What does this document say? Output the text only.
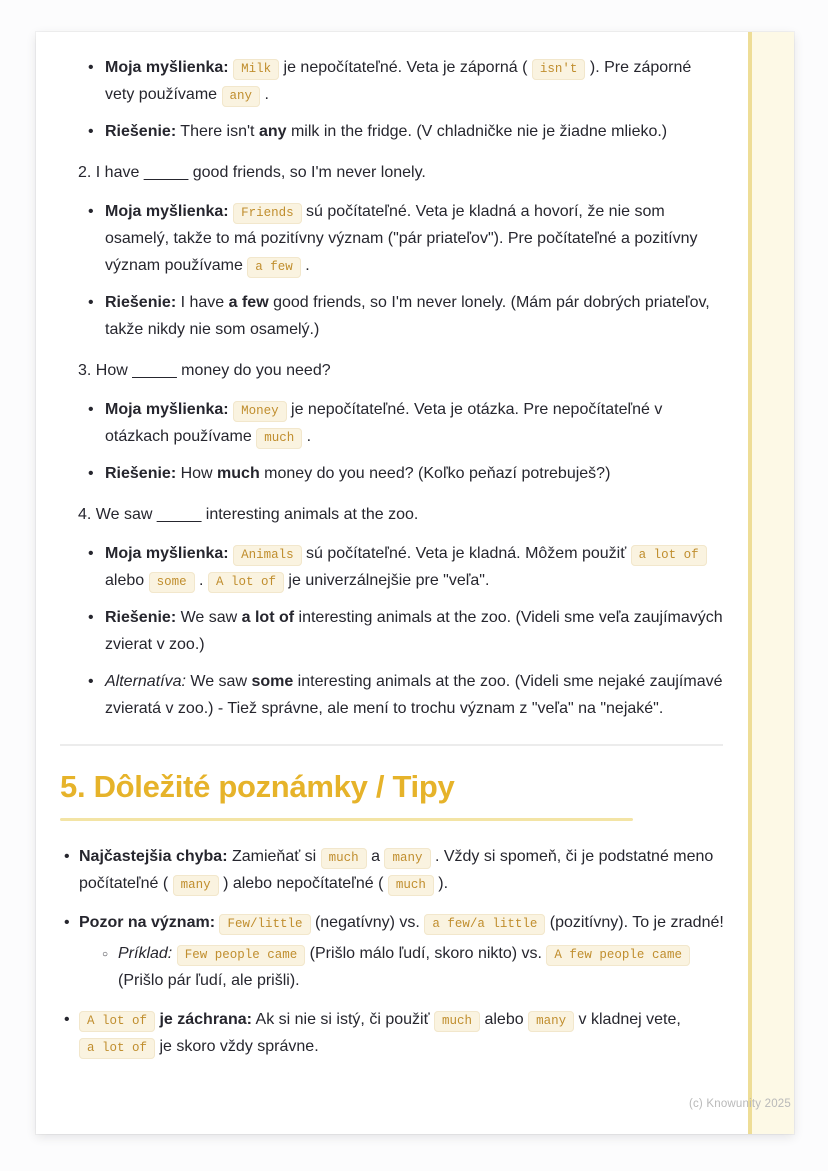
• Moja myšlienka: Milk je nepočítateľné. Veta je záporná ( isn't ). Pre záporné vety používame any .
• Riešenie: There isn't any milk in the fridge. (V chladničke nie je žiadne mlieko.)
2. I have _____ good friends, so I'm never lonely.
• Moja myšlienka: Friends sú počítateľné. Veta je kladná a hovorí, že nie som osamelý, takže to má pozitívny význam ("pár priateľov"). Pre počítateľné a pozitívny význam používame a few .
• Riešenie: I have a few good friends, so I'm never lonely. (Mám pár dobrých priateľov, takže nikdy nie som osamelý.)
3. How _____ money do you need?
• Moja myšlienka: Money je nepočítateľné. Veta je otázka. Pre nepočítateľné v otázkach používame much .
• Riešenie: How much money do you need? (Koľko peňazí potrebuješ?)
4. We saw _____ interesting animals at the zoo.
• Moja myšlienka: Animals sú počítateľné. Veta je kladná. Môžem použiť a lot of alebo some . A lot of je univerzálnejšie pre "veľa".
• Riešenie: We saw a lot of interesting animals at the zoo. (Videli sme veľa zaujímavých zvierat v zoo.)
• Alternatíva: We saw some interesting animals at the zoo. (Videli sme nejaké zaujímavé zvieratá v zoo.) - Tiež správne, ale mení to trochu význam z "veľa" na "nejaké".
5. Dôležité poznámky / Tipy
• Najčastejšia chyba: Zamieňať si much a many . Vždy si spomeň, či je podstatné meno počítateľné ( many ) alebo nepočítateľné ( much ).
• Pozor na význam: Few/little (negatívny) vs. a few/a little (pozitívny). To je zradné!
○ Príklad: Few people came (Prišlo málo ľudí, skoro nikto) vs. A few people came (Prišlo pár ľudí, ale prišli).
• A lot of je záchrana: Ak si nie si istý, či použiť much alebo many v kladnej vete, a lot of je skoro vždy správne.
(c) Knowunity 2025
